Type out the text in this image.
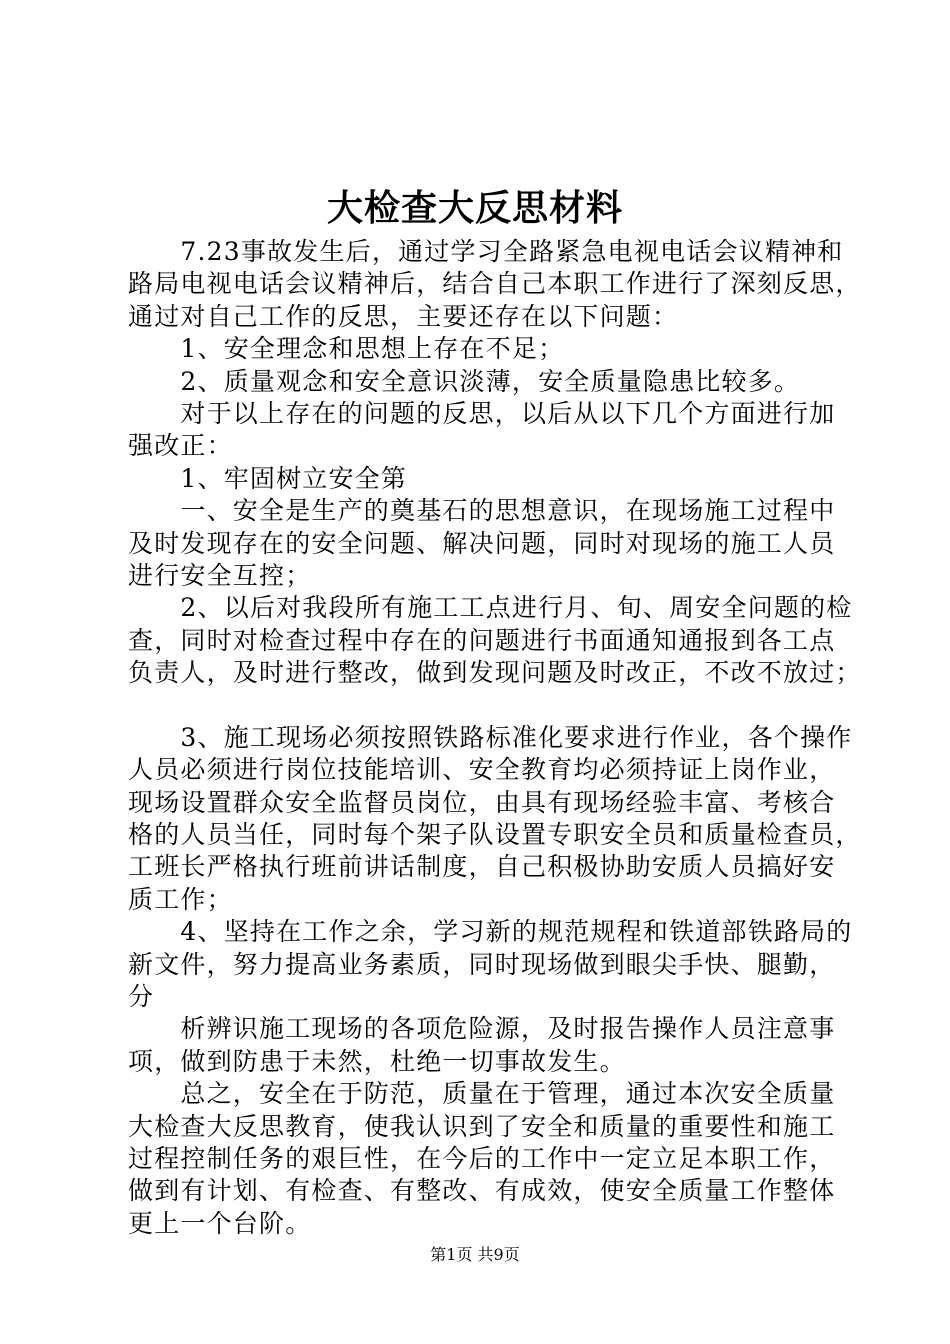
大检查大反思材料

　　7.23事故发生后，通过学习全路紧急电视电话会议精神和

路局电视电话会议精神后，结合自己本职工作进行了深刻反思，

通过对自己工作的反思，主要还存在以下问题：

　　1、安全理念和思想上存在不足；

　　2、质量观念和安全意识淡薄，安全质量隐患比较多。

　　对于以上存在的问题的反思，以后从以下几个方面进行加

强改正：

　　1、牢固树立安全第

　　一、安全是生产的奠基石的思想意识，在现场施工过程中

及时发现存在的安全问题、解决问题，同时对现场的施工人员

进行安全互控；

　　2、以后对我段所有施工工点进行月、旬、周安全问题的检

查，同时对检查过程中存在的问题进行书面通知通报到各工点

负责人，及时进行整改，做到发现问题及时改正，不改不放过；

　　3、施工现场必须按照铁路标准化要求进行作业，各个操作

人员必须进行岗位技能培训、安全教育均必须持证上岗作业，

现场设置群众安全监督员岗位，由具有现场经验丰富、考核合

格的人员当任，同时每个架子队设置专职安全员和质量检查员，

工班长严格执行班前讲话制度，自己积极协助安质人员搞好安

质工作；

　　4、坚持在工作之余，学习新的规范规程和铁道部铁路局的

新文件，努力提高业务素质，同时现场做到眼尖手快、腿勤，

分

　　析辨识施工现场的各项危险源，及时报告操作人员注意事

项，做到防患于未然，杜绝一切事故发生。

　　总之，安全在于防范，质量在于管理，通过本次安全质量

大检查大反思教育，使我认识到了安全和质量的重要性和施工

过程控制任务的艰巨性，在今后的工作中一定立足本职工作，

做到有计划、有检查、有整改、有成效，使安全质量工作整体

更上一个台阶。

第1页 共9页
